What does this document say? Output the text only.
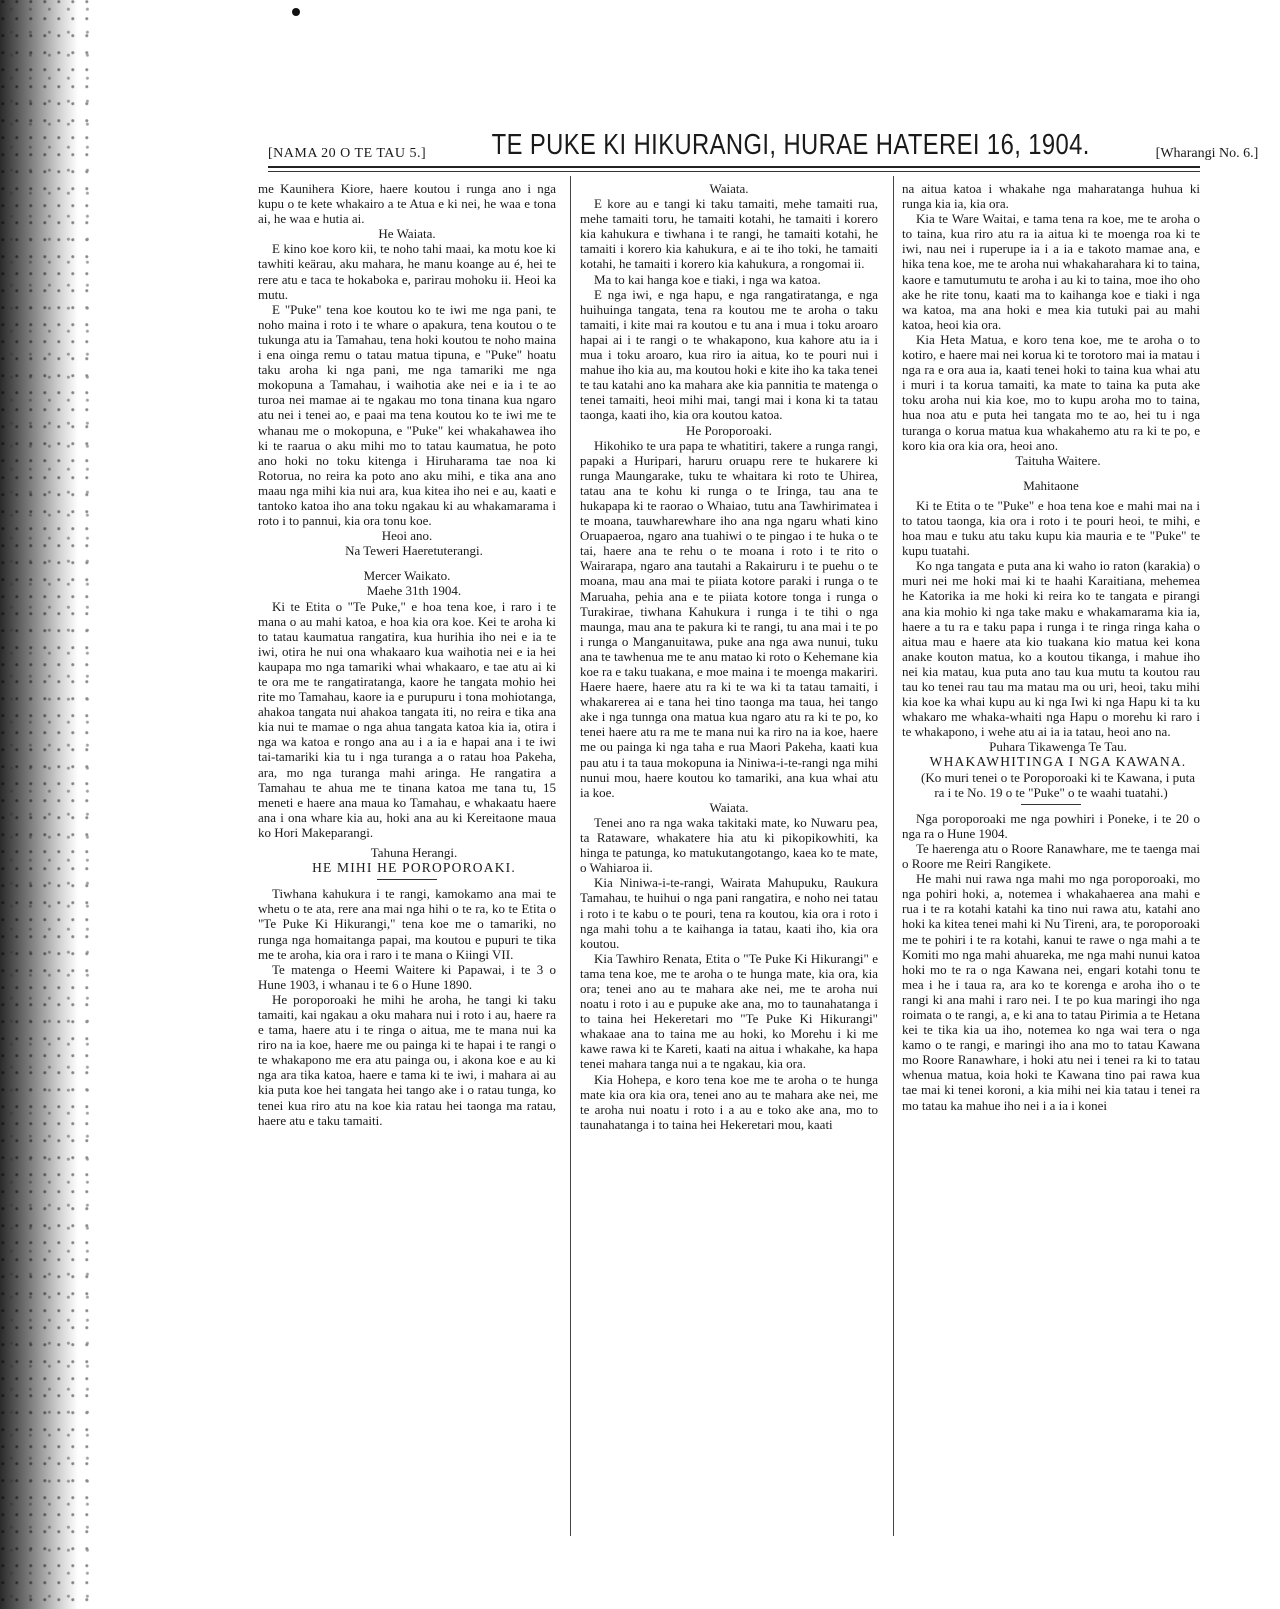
[NAMA 20 O TE TAU 5.] TE PUKE KI HIKURANGI, HURAE HATEREI 16, 1904.	[Wharangi No. 6.]

me Kaunihera Kiore, haere koutou i runga ano i nga kupu o te kete whakairo a te Atua e ki nei, he waa e tona ai, he waa e hutia ai.

He Waiata.

E kino koe koro kii, te noho tahi maai, ka motu koe ki tawhiti keärau, aku mahara, he manu koange au é, hei te rere atu e taca te hokaboka e, parirau mohoku ii. Heoi ka mutu.

E "Puke" tena koe koutou ko te iwi me nga pani, te noho maina i roto i te whare o apakura, tena koutou o te tukunga atu ia Tamahau, tena hoki koutou te noho maina i ena oinga remu o tatau matua tipuna, e "Puke" hoatu taku aroha ki nga pani, me nga tamariki me nga mokopuna a Tamahau, i waihotia ake nei e ia i te ao turoa nei mamae ai te ngakau mo tona tinana kua ngaro atu nei i tenei ao, e paai ma tena koutou ko te iwi me te whanau me o mokopuna, e "Puke" kei whakahawea iho ki te raarua o aku mihi mo to tatau kaumatua, he poto ano hoki no toku kitenga i Hiruharama tae noa ki Rotorua, no reira ka poto ano aku mihi, e tika ana ano maau nga mihi kia nui ara, kua kitea iho nei e au, kaati e tantoko katoa iho ana toku ngakau ki au whakamarama i roto i to pannui, kia ora tonu koe.

Heoi ano.

Na Teweri Haeretuterangi.

Mercer Waikato.

Maehe 31th 1904.

Ki te Etita o "Te Puke," e hoa tena koe, i raro i te mana o au mahi katoa, e hoa kia ora koe. Kei te aroha ki to tatau kaumatua rangatira, kua hurihia iho nei e ia te iwi, otira he nui ona whakaaro kua waihotia nei e ia hei kaupapa mo nga tamariki whai whakaaro, e tae atu ai ki te ora me te rangatiratanga, kaore he tangata mohio hei rite mo Tamahau, kaore ia e purupuru i tona mohiotanga, ahakoa tangata nui ahakoa tangata iti, no reira e tika ana kia nui te mamae o nga ahua tangata katoa kia ia, otira i nga wa katoa e rongo ana au i a ia e hapai ana i te iwi tai-tamariki kia tu i nga turanga a o ratau hoa Pakeha, ara, mo nga turanga mahi aringa. He rangatira a Tamahau te ahua me te tinana katoa me tana tu, 15 meneti e haere ana maua ko Tamahau, e whakaatu haere ana i ona whare kia au, hoki ana au ki Kereitaone maua ko Hori Makeparangi.

Tahuna Herangi.

HE MIHI HE POROPOROAKI.

Tiwhana kahukura i te rangi, kamokamo ana mai te whetu o te ata, rere ana mai nga hihi o te ra, ko te Etita o "Te Puke Ki Hikurangi," tena koe me o tamariki, no runga nga homaitanga papai, ma koutou e pupuri te tika me te aroha, kia ora i raro i te mana o Kiingi VII.

Te matenga o Heemi Waitere ki Papawai, i te 3 o Hune 1903, i whanau i te 6 o Hune 1890.

He poroporoaki he mihi he aroha, he tangi ki taku tamaiti, kai ngakau a oku mahara nui i roto i au, haere ra e tama, haere atu i te ringa o aitua, me te mana nui ka riro na ia koe, haere me ou painga ki te hapai i te rangi o te whakapono me era atu painga ou, i akona koe e au ki nga ara tika katoa, haere e tama ki te iwi, i mahara ai au kia puta koe hei tangata hei tango ake i o ratau tunga, ko tenei kua riro atu na koe kia ratau hei taonga ma ratau, haere atu e taku tamaiti.

Waiata.

E kore au e tangi ki taku tamaiti, mehe tamaiti rua, mehe tamaiti toru, he tamaiti kotahi, he tamaiti i korero kia kahukura e tiwhana i te rangi, he tamaiti kotahi, he tamaiti i korero kia kahukura, e ai te iho toki, he tamaiti kotahi, he tamaiti i korero kia kahukura, a rongomai ii.

Ma to kai hanga koe e tiaki, i nga wa katoa.

E nga iwi, e nga hapu, e nga rangatiratanga, e nga huihuinga tangata, tena ra koutou me te aroha o taku tamaiti, i kite mai ra koutou e tu ana i mua i toku aroaro hapai ai i te rangi o te whakapono, kua kahore atu ia i mua i toku aroaro, kua riro ia aitua, ko te pouri nui i mahue iho kia au, ma koutou hoki e kite iho ka taka tenei te tau katahi ano ka mahara ake kia pannitia te matenga o tenei tamaiti, heoi mihi mai, tangi mai i kona ki ta tatau taonga, kaati iho, kia ora koutou katoa.

He Poroporoaki.

Hikohiko te ura papa te whatitiri, takere a runga rangi, papaki a Huripari, haruru oruapu rere te hukarere ki runga Maungarake, tuku te whaitara ki roto te Uhirea, tatau ana te kohu ki runga o te Iringa, tau ana te hukapapa ki te raorao o Whaiao, tutu ana Tawhirimatea i te moana, tauwharewhare iho ana nga ngaru whati kino Oruapaeroa, ngaro ana tuahiwi o te pingao i te huka o te tai, haere ana te rehu o te moana i roto i te rito o Wairarapa, ngaro ana tautahi a Rakairuru i te puehu o te moana, mau ana mai te piiata kotore paraki i runga o te Maruaha, pehia ana e te piiata kotore tonga i runga o Turakirae, tiwhana Kahukura i runga i te tihi o nga maunga, mau ana te pakura ki te rangi, tu ana mai i te po i runga o Manganuitawa, puke ana nga awa nunui, tuku ana te tawhenua me te anu matao ki roto o Kehemane kia koe ra e taku tuakana, e moe maina i te moenga makariri. Haere haere, haere atu ra ki te wa ki ta tatau tamaiti, i whakarerea ai e tana hei tino taonga ma taua, hei tango ake i nga tunnga ona matua kua ngaro atu ra ki te po, ko tenei haere atu ra me te mana nui ka riro na ia koe, haere me ou painga ki nga taha e rua Maori Pakeha, kaati kua pau atu i ta taua mokopuna ia Niniwa-i-te-rangi nga mihi nunui mou, haere koutou ko tamariki, ana kua whai atu ia koe.

Waiata.

Tenei ano ra nga waka takitaki mate, ko Nuwaru pea, ta Rataware, whakatere hia atu ki pikopikowhiti, ka hinga te patunga, ko matukutangotango, kaea ko te mate, o Wahiaroa ii.

Kia Niniwa-i-te-rangi, Wairata Mahupuku, Raukura Tamahau, te huihui o nga pani rangatira, e noho nei tatau i roto i te kabu o te pouri, tena ra koutou, kia ora i roto i nga mahi tohu a te kaihanga ia tatau, kaati iho, kia ora koutou.

Kia Tawhiro Renata, Etita o "Te Puke Ki Hikurangi" e tama tena koe, me te aroha o te hunga mate, kia ora, kia ora; tenei ano au te mahara ake nei, me te aroha nui noatu i roto i au e pupuke ake ana, mo to taunahatanga i to taina hei Hekeretari mo "Te Puke Ki Hikurangi" whakaae ana to taina me au hoki, ko Morehu i ki me kawe rawa ki te Kareti, kaati na aitua i whakahe, ka hapa tenei mahara tanga nui a te ngakau, kia ora.

Kia Hohepa, e koro tena koe me te aroha o te hunga mate kia ora kia ora, tenei ano au te mahara ake nei, me te aroha nui noatu i roto i a au e toko ake ana, mo to taunahatanga i to taina hei Hekeretari mou, kaati

na aitua katoa i whakahe nga maharatanga huhua ki runga kia ia, kia ora.

Kia te Ware Waitai, e tama tena ra koe, me te aroha o to taina, kua riro atu ra ia aitua ki te moenga roa ki te iwi, nau nei i ruperupe ia i a ia e takoto mamae ana, e hika tena koe, me te aroha nui whakaharahara ki to taina, kaore e tamutumutu te aroha i au ki to taina, moe iho oho ake he rite tonu, kaati ma to kaihanga koe e tiaki i nga wa katoa, ma ana hoki e mea kia tutuki pai au mahi katoa, heoi kia ora.

Kia Heta Matua, e koro tena koe, me te aroha o to kotiro, e haere mai nei korua ki te torotoro mai ia matau i nga ra e ora aua ia, kaati tenei hoki to taina kua whai atu i muri i ta korua tamaiti, ka mate to taina ka puta ake toku aroha nui kia koe, mo to kupu aroha mo to taina, hua noa atu e puta hei tangata mo te ao, hei tu i nga turanga o korua matua kua whakahemo atu ra ki te po, e koro kia ora kia ora, heoi ano.

Taituha Waitere.

Mahitaone

Ki te Etita o te "Puke" e hoa tena koe e mahi mai na i to tatou taonga, kia ora i roto i te pouri heoi, te mihi, e hoa mau e tuku atu taku kupu kia mauria e te "Puke" te kupu tuatahi.

Ko nga tangata e puta ana ki waho io raton (karakia) o muri nei me hoki mai ki te haahi Karaitiana, mehemea he Katorika ia me hoki ki reira ko te tangata e pirangi ana kia mohio ki nga take maku e whakamarama kia ia, haere a tu ra e taku papa i runga i te ringa ringa kaha o aitua mau e haere ata kio tuakana kio matua kei kona anake kouton matua, ko a koutou tikanga, i mahue iho nei kia matau, kua puta ano tau kua mutu ta koutou rau tau ko tenei rau tau ma matau ma ou uri, heoi, taku mihi kia koe ka whai kupu au ki nga Iwi ki nga Hapu ki ta ku whakaro me whaka-whaiti nga Hapu o morehu ki raro i te whakapono, i wehe atu ai ia ia tatau, heoi ano na.

Puhara Tikawenga Te Tau.

WHAKAWHITINGA I NGA KAWANA.

(Ko muri tenei o te Poroporoaki ki te Kawana, i puta ra i te No. 19 o te "Puke" o te waahi tuatahi.)

Nga poroporoaki me nga powhiri i Poneke, i te 20 o nga ra o Hune 1904.

Te haerenga atu o Roore Ranawhare, me te taenga mai o Roore me Reiri Rangikete.

He mahi nui rawa nga mahi mo nga poroporoaki, mo nga pohiri hoki, a, notemea i whakahaerea ana mahi e rua i te ra kotahi katahi ka tino nui rawa atu, katahi ano hoki ka kitea tenei mahi ki Nu Tireni, ara, te poroporoaki me te pohiri i te ra kotahi, kanui te rawe o nga mahi a te Komiti mo nga mahi ahuareka, me nga mahi nunui katoa hoki mo te ra o nga Kawana nei, engari kotahi tonu te mea i he i taua ra, ara ko te korenga e aroha iho o te rangi ki ana mahi i raro nei. I te po kua maringi iho nga roimata o te rangi, a, e ki ana to tatau Pirimia a te Hetana kei te tika kia ua iho, notemea ko nga wai tera o nga kamo o te rangi, e maringi iho ana mo to tatau Kawana mo Roore Ranawhare, i hoki atu nei i tenei ra ki to tatau whenua matua, koia hoki te Kawana tino pai rawa kua tae mai ki tenei koroni, a kia mihi nei kia tatau i tenei ra mo tatau ka mahue iho nei i a ia i konei
